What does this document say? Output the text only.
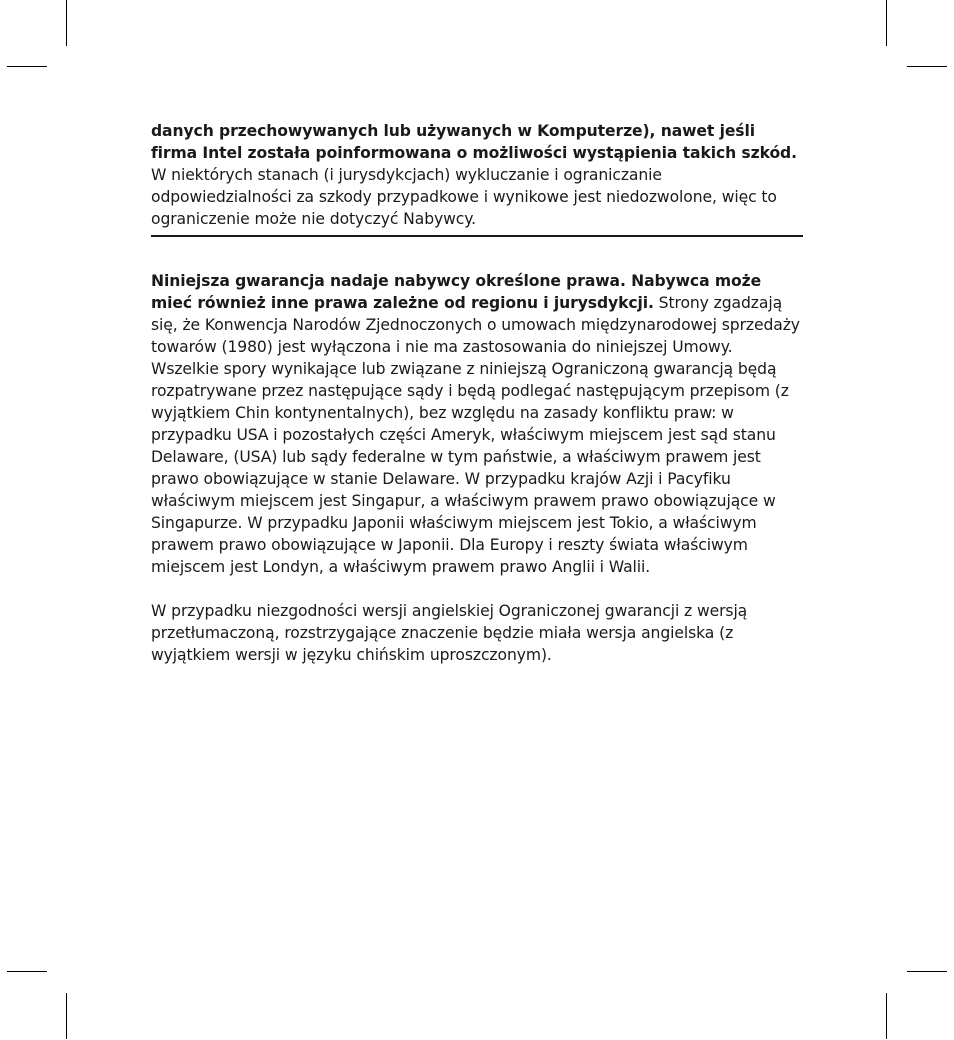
danych przechowywanych lub używanych w Komputerze), nawet jeśli firma Intel została poinformowana o możliwości wystąpienia takich szkód. W niektórych stanach (i jurysdykcjach) wykluczanie i ograniczanie odpowiedzialności za szkody przypadkowe i wynikowe jest niedozwolone, więc to ograniczenie może nie dotyczyć Nabywcy.

Niniejsza gwarancja nadaje nabywcy określone prawa. Nabywca może mieć również inne prawa zależne od regionu i jurysdykcji. Strony zgadzają się, że Konwencja Narodów Zjednoczonych o umowach międzynarodowej sprzedaży towarów (1980) jest wyłączona i nie ma zastosowania do niniejszej Umowy. Wszelkie spory wynikające lub związane z niniejszą Ograniczoną gwarancją będą rozpatrywane przez następujące sądy i będą podlegać następującym przepisom (z wyjątkiem Chin kontynentalnych), bez względu na zasady konfliktu praw: w przypadku USA i pozostałych części Ameryk, właściwym miejscem jest sąd stanu Delaware, (USA) lub sądy federalne w tym państwie, a właściwym prawem jest prawo obowiązujące w stanie Delaware. W przypadku krajów Azji i Pacyfiku właściwym miejscem jest Singapur, a właściwym prawem prawo obowiązujące w Singapurze. W przypadku Japonii właściwym miejscem jest Tokio, a właściwym prawem prawo obowiązujące w Japonii. Dla Europy i reszty świata właściwym miejscem jest Londyn, a właściwym prawem prawo Anglii i Walii.

W przypadku niezgodności wersji angielskiej Ograniczonej gwarancji z wersją przetłumaczoną, rozstrzygające znaczenie będzie miała wersja angielska (z wyjątkiem wersji w języku chińskim uproszczonym).
